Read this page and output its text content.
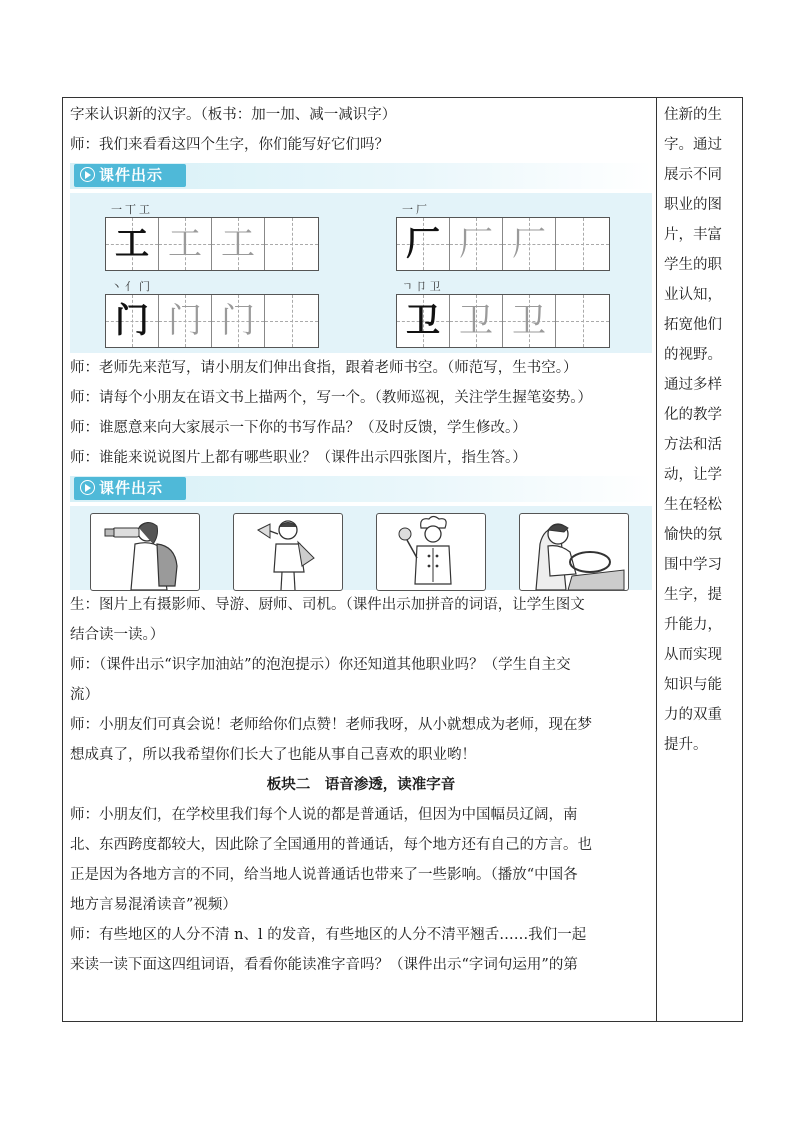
字来认识新的汉字。（板书：加一加、减一减识字）

师：我们来看看这四个生字，你们能写好它们吗？

课件出示
一丅工
工 工 工
一厂
厂 厂 厂
丶亻门
门 门 门
ㄱ卩卫
卫 卫 卫

师：老师先来范写，请小朋友们伸出食指，跟着老师书空。（师范写，生书空。）

师：请每个小朋友在语文书上描两个，写一个。（教师巡视，关注学生握笔姿势。）

师：谁愿意来向大家展示一下你的书写作品？（及时反馈，学生修改。）

师：谁能来说说图片上都有哪些职业？（课件出示四张图片，指生答。）

课件出示

生：图片上有摄影师、导游、厨师、司机。（课件出示加拼音的词语，让学生图文

结合读一读。）

师：（课件出示“识字加油站”的泡泡提示）你还知道其他职业吗？（学生自主交

流）

师：小朋友们可真会说！老师给你们点赞！老师我呀，从小就想成为老师，现在梦

想成真了，所以我希望你们长大了也能从事自己喜欢的职业哟！

板块二　语音渗透，读准字音

师：小朋友们，在学校里我们每个人说的都是普通话，但因为中国幅员辽阔，南

北、东西跨度都较大，因此除了全国通用的普通话，每个地方还有自己的方言。也

正是因为各地方言的不同，给当地人说普通话也带来了一些影响。（播放“中国各

地方言易混淆读音”视频）

师：有些地区的人分不清 n、l 的发音，有些地区的人分不清平翘舌……我们一起

来读一读下面这四组词语，看看你能读准字音吗？（课件出示“字词句运用”的第

住新的生

字。通过

展示不同

职业的图

片，丰富

学生的职

业认知，

拓宽他们

的视野。

通过多样

化的教学

方法和活

动，让学

生在轻松

愉快的氛

围中学习

生字，提

升能力，

从而实现

知识与能

力的双重

提升。
